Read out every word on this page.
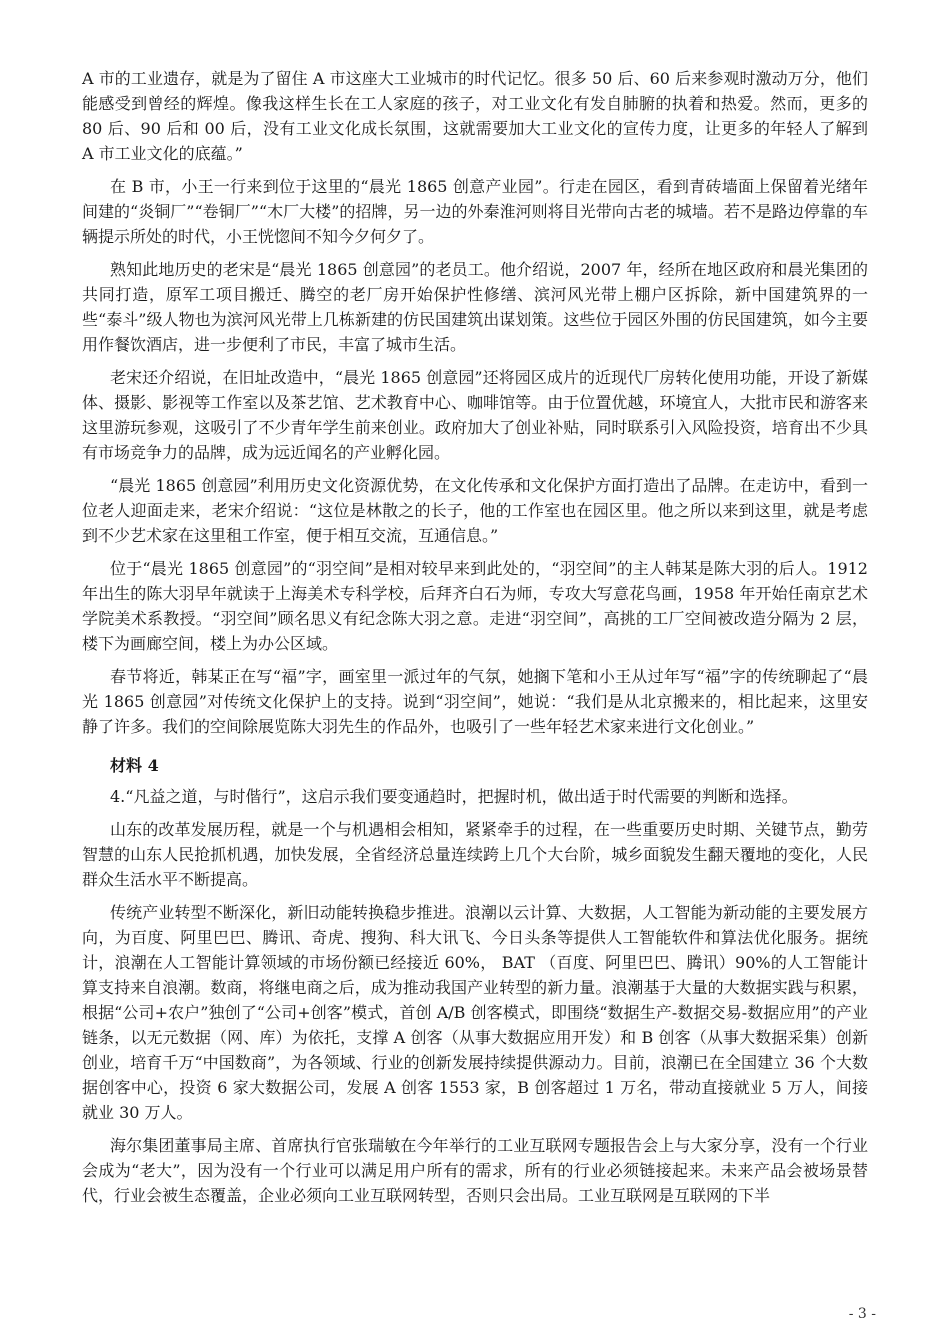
A 市的工业遗存，就是为了留住 A 市这座大工业城市的时代记忆。很多 50 后、60 后来参观时激动万分，他们能感受到曾经的辉煌。像我这样生长在工人家庭的孩子，对工业文化有发自肺腑的执着和热爱。然而，更多的 80 后、90 后和 00 后，没有工业文化成长氛围，这就需要加大工业文化的宣传力度，让更多的年轻人了解到 A 市工业文化的底蕴。”

在 B 市，小王一行来到位于这里的“晨光 1865 创意产业园”。行走在园区，看到青砖墙面上保留着光绪年间建的“炎铜厂”“卷铜厂”“木厂大楼”的招牌，另一边的外秦淮河则将目光带向古老的城墙。若不是路边停靠的车辆提示所处的时代，小王恍惚间不知今夕何夕了。

熟知此地历史的老宋是“晨光 1865 创意园”的老员工。他介绍说，2007 年，经所在地区政府和晨光集团的共同打造，原军工项目搬迁、腾空的老厂房开始保护性修缮、滨河风光带上棚户区拆除，新中国建筑界的一些“泰斗”级人物也为滨河风光带上几栋新建的仿民国建筑出谋划策。这些位于园区外围的仿民国建筑，如今主要用作餐饮酒店，进一步便利了市民，丰富了城市生活。

老宋还介绍说，在旧址改造中，“晨光 1865 创意园”还将园区成片的近现代厂房转化使用功能，开设了新媒体、摄影、影视等工作室以及茶艺馆、艺术教育中心、咖啡馆等。由于位置优越，环境宜人，大批市民和游客来这里游玩参观，这吸引了不少青年学生前来创业。政府加大了创业补贴，同时联系引入风险投资，培育出不少具有市场竞争力的品牌，成为远近闻名的产业孵化园。

“晨光 1865 创意园”利用历史文化资源优势，在文化传承和文化保护方面打造出了品牌。在走访中，看到一位老人迎面走来，老宋介绍说：“这位是林散之的长子，他的工作室也在园区里。他之所以来到这里，就是考虑到不少艺术家在这里租工作室，便于相互交流，互通信息。”

位于“晨光 1865 创意园”的“羽空间”是相对较早来到此处的，“羽空间”的主人韩某是陈大羽的后人。1912 年出生的陈大羽早年就读于上海美术专科学校，后拜齐白石为师，专攻大写意花鸟画，1958 年开始任南京艺术学院美术系教授。“羽空间”顾名思义有纪念陈大羽之意。走进“羽空间”，高挑的工厂空间被改造分隔为 2 层，楼下为画廊空间，楼上为办公区域。

春节将近，韩某正在写“福”字，画室里一派过年的气氛，她搁下笔和小王从过年写“福”字的传统聊起了“晨光 1865 创意园”对传统文化保护上的支持。说到“羽空间”，她说：“我们是从北京搬来的，相比起来，这里安静了许多。我们的空间除展览陈大羽先生的作品外，也吸引了一些年轻艺术家来进行文化创业。”

材料 4

4.“凡益之道，与时偕行”，这启示我们要变通趋时，把握时机，做出适于时代需要的判断和选择。

山东的改革发展历程，就是一个与机遇相会相知，紧紧牵手的过程，在一些重要历史时期、关键节点，勤劳智慧的山东人民抢抓机遇，加快发展，全省经济总量连续跨上几个大台阶，城乡面貌发生翻天覆地的变化，人民群众生活水平不断提高。

传统产业转型不断深化，新旧动能转换稳步推进。浪潮以云计算、大数据，人工智能为新动能的主要发展方向，为百度、阿里巴巴、腾讯、奇虎、搜狗、科大讯飞、今日头条等提供人工智能软件和算法优化服务。据统计，浪潮在人工智能计算领域的市场份额已经接近 60%， BAT （百度、阿里巴巴、腾讯）90%的人工智能计算支持来自浪潮。数商，将继电商之后，成为推动我国产业转型的新力量。浪潮基于大量的大数据实践与积累，根据“公司+农户”独创了“公司+创客”模式，首创 A/B 创客模式，即围绕“数据生产-数据交易-数据应用”的产业链条，以无元数据（网、库）为依托，支撑 A 创客（从事大数据应用开发）和 B 创客（从事大数据采集）创新创业，培育千万“中国数商”，为各领域、行业的创新发展持续提供源动力。目前，浪潮已在全国建立 36 个大数据创客中心，投资 6 家大数据公司，发展 A 创客 1553 家，B 创客超过 1 万名，带动直接就业 5 万人，间接就业 30 万人。

海尔集团董事局主席、首席执行官张瑞敏在今年举行的工业互联网专题报告会上与大家分享，没有一个行业会成为“老大”，因为没有一个行业可以满足用户所有的需求，所有的行业必须链接起来。未来产品会被场景替代，行业会被生态覆盖，企业必须向工业互联网转型，否则只会出局。工业互联网是互联网的下半

- 3 -
